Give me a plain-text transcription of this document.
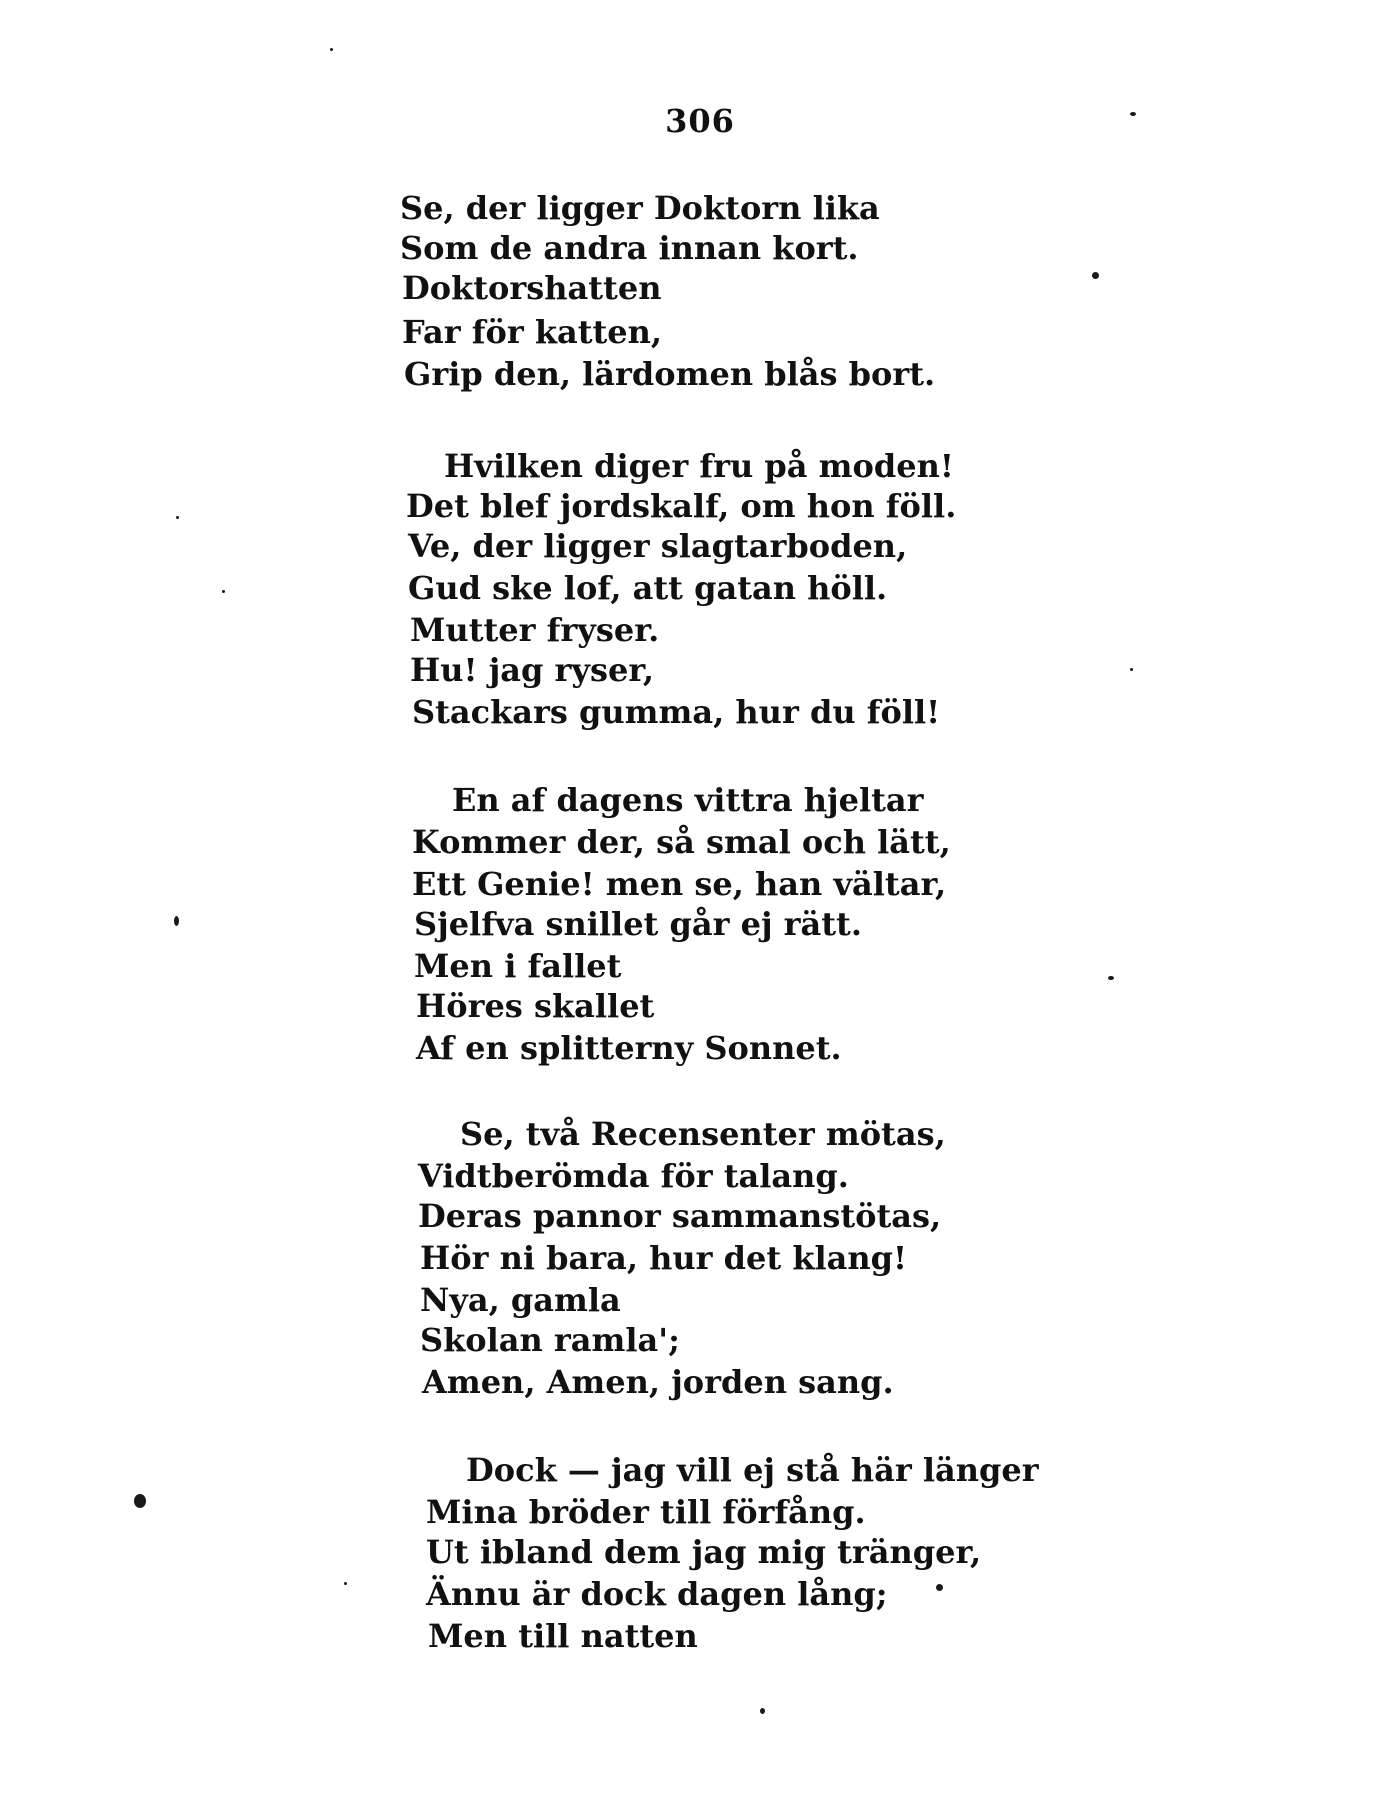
306
Se, der ligger Doktorn lika
Som de andra innan kort.
Doktorshatten
Far för katten,
Grip den, lärdomen blås bort.
Hvilken diger fru på moden!
Det blef jordskalf, om hon föll.
Ve, der ligger slagtarboden,
Gud ske lof, att gatan höll.
Mutter fryser.
Hu! jag ryser,
Stackars gumma, hur du föll!
En af dagens vittra hjeltar
Kommer der, så smal och lätt,
Ett Genie! men se, han vältar,
Sjelfva snillet går ej rätt.
Men i fallet
Höres skallet
Af en splitterny Sonnet.
Se, två Recensenter mötas,
Vidtberömda för talang.
Deras pannor sammanstötas,
Hör ni bara, hur det klang!
Nya, gamla
Skolan ramla';
Amen, Amen, jorden sang.
Dock — jag vill ej stå här länger
Mina bröder till förfång.
Ut ibland dem jag mig tränger,
Ännu är dock dagen lång;
Men till natten
